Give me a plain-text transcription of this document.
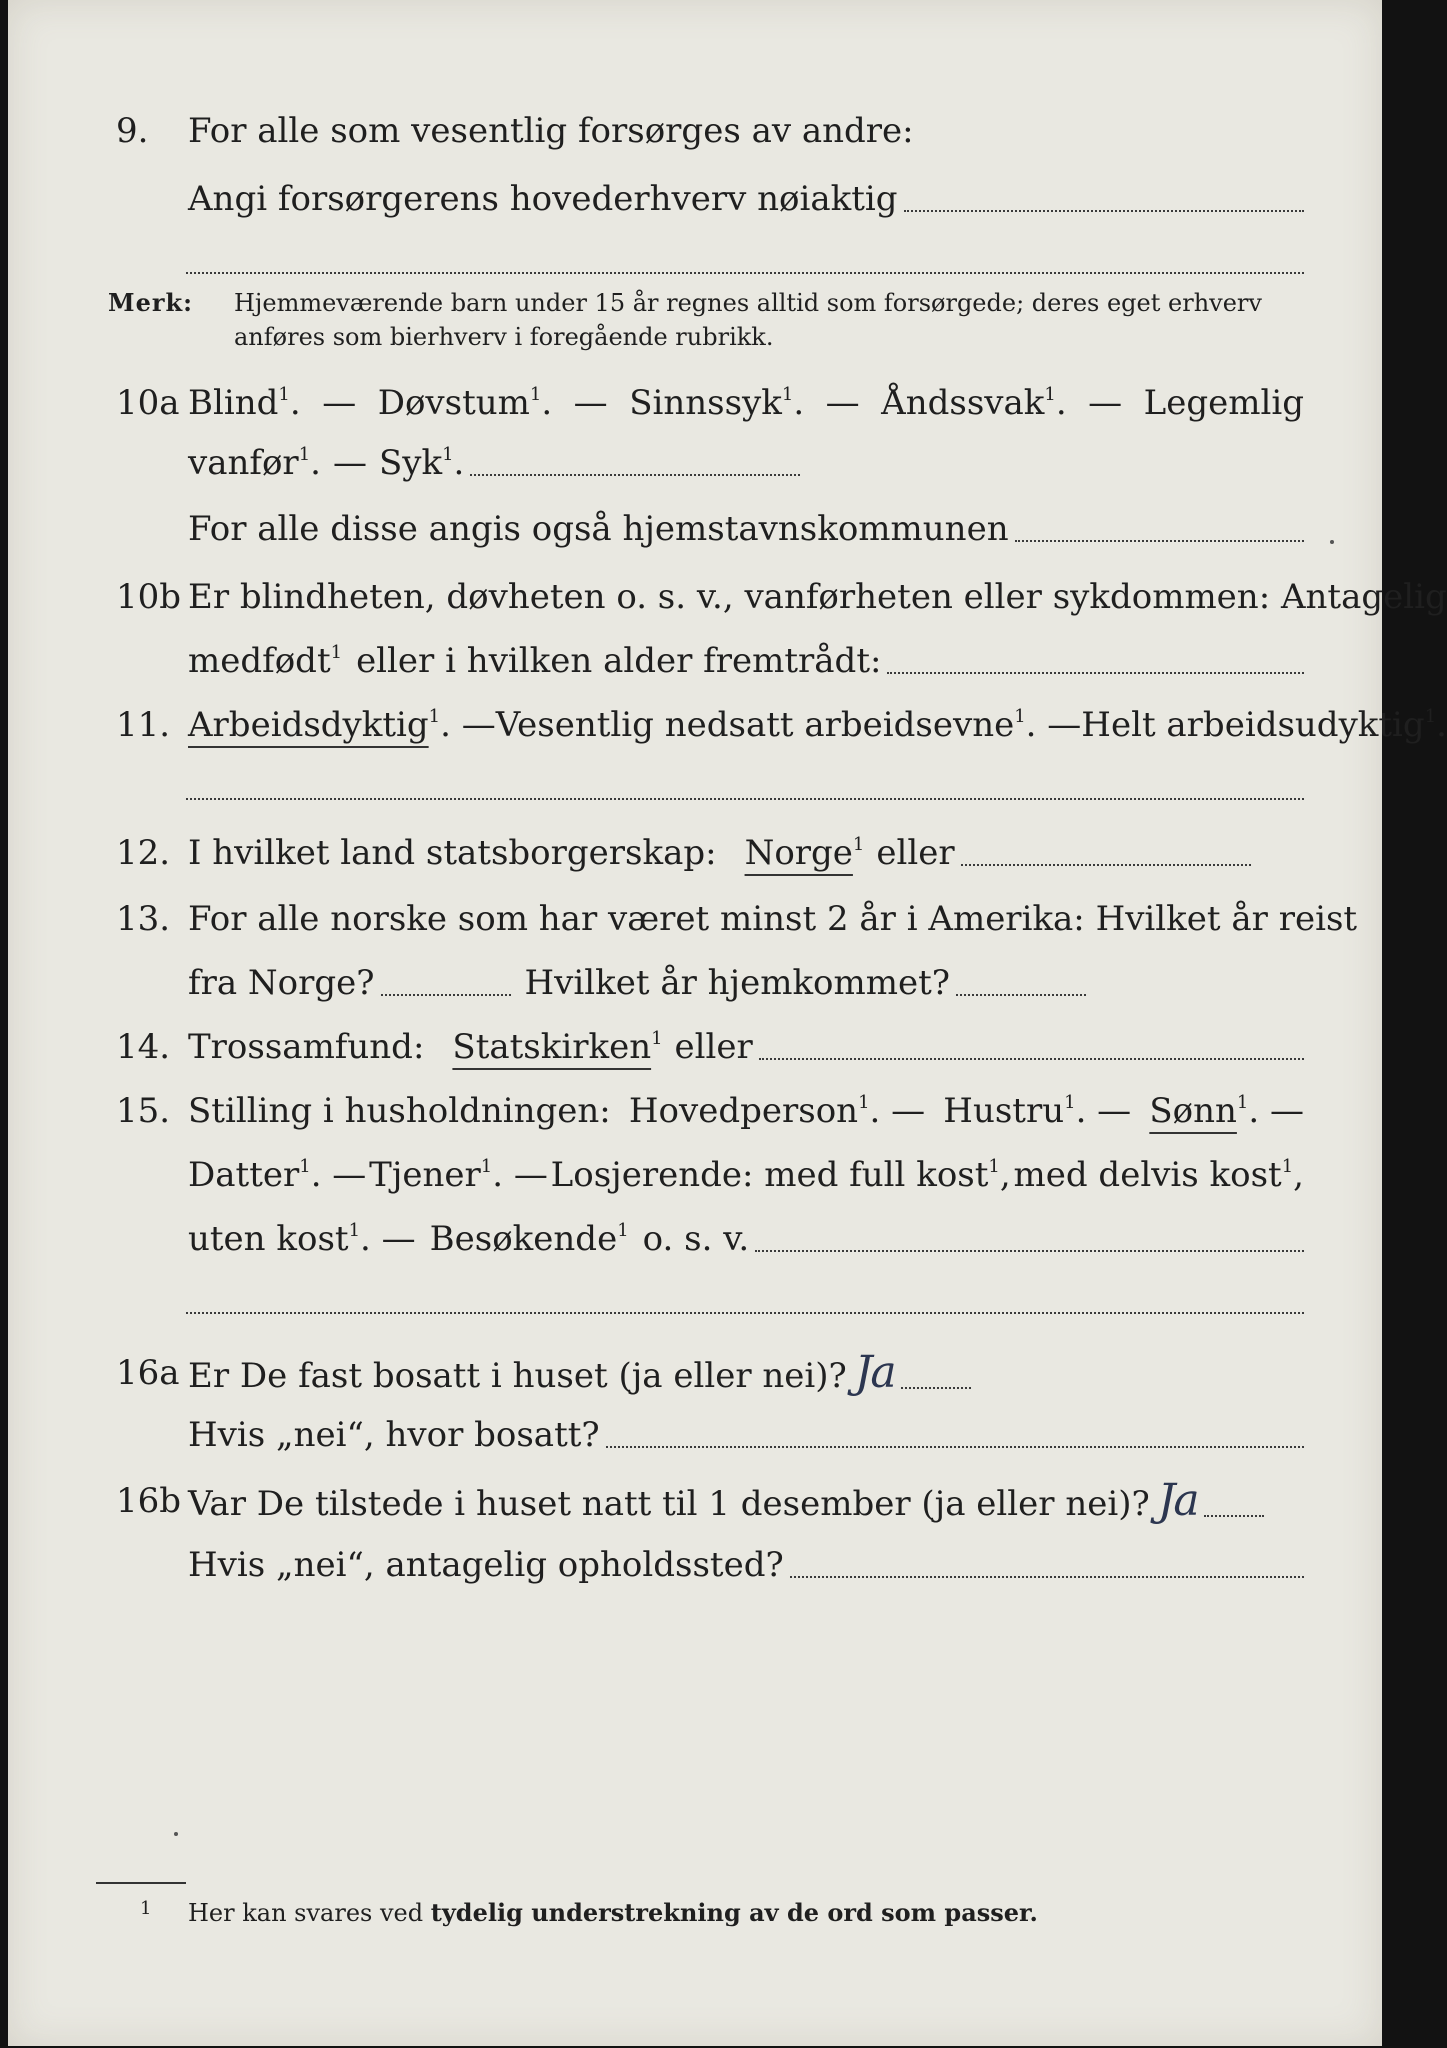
9.	For alle som vesentlig forsørges av andre:
Angi forsørgerens hovederhverv nøiaktig
Merk: Hjemmeværende barn under 15 år regnes alltid som forsørgede; deres eget erhverv anføres som bierhverv i foregående rubrikk.
10a Blind$^1$. — Døvstum$^1$. — Sinnssyk$^1$. — Åndssvak$^1$. — Legemlig
vanfør$^1$. — Syk$^1$.
For alle disse angis også hjemstavnskommunen
10b Er blindheten, døvheten o. s. v., vanførheten eller sykdommen: Antagelig
medfødt$^1$ eller i hvilken alder fremtrådt:
11. Arbeidsdyktig$^1$. — Vesentlig nedsatt arbeidsevne$^1$. — Helt arbeidsudyktig$^1$.
12. I hvilket land statsborgerskap: Norge$^1$ eller
13. For alle norske som har været minst 2 år i Amerika: Hvilket år reist
fra Norge?	Hvilket år hjemkommet?
14. Trossamfund: Statskirken$^1$ eller
15. Stilling i husholdningen: Hovedperson$^1$. — Hustru$^1$. — Sønn$^1$. —
Datter$^1$. — Tjener$^1$. — Losjerende: med full kost$^1$, med delvis kost$^1$,
uten kost$^1$. — Besøkende$^1$ o. s. v.
16a Er De fast bosatt i huset (ja eller nei)? Ja
Hvis „nei“, hvor bosatt?
16b Var De tilstede i huset natt til 1 desember (ja eller nei)? Ja
Hvis „nei“, antagelig opholdssted?
1 Her kan svares ved tydelig understrekning av de ord som passer.
